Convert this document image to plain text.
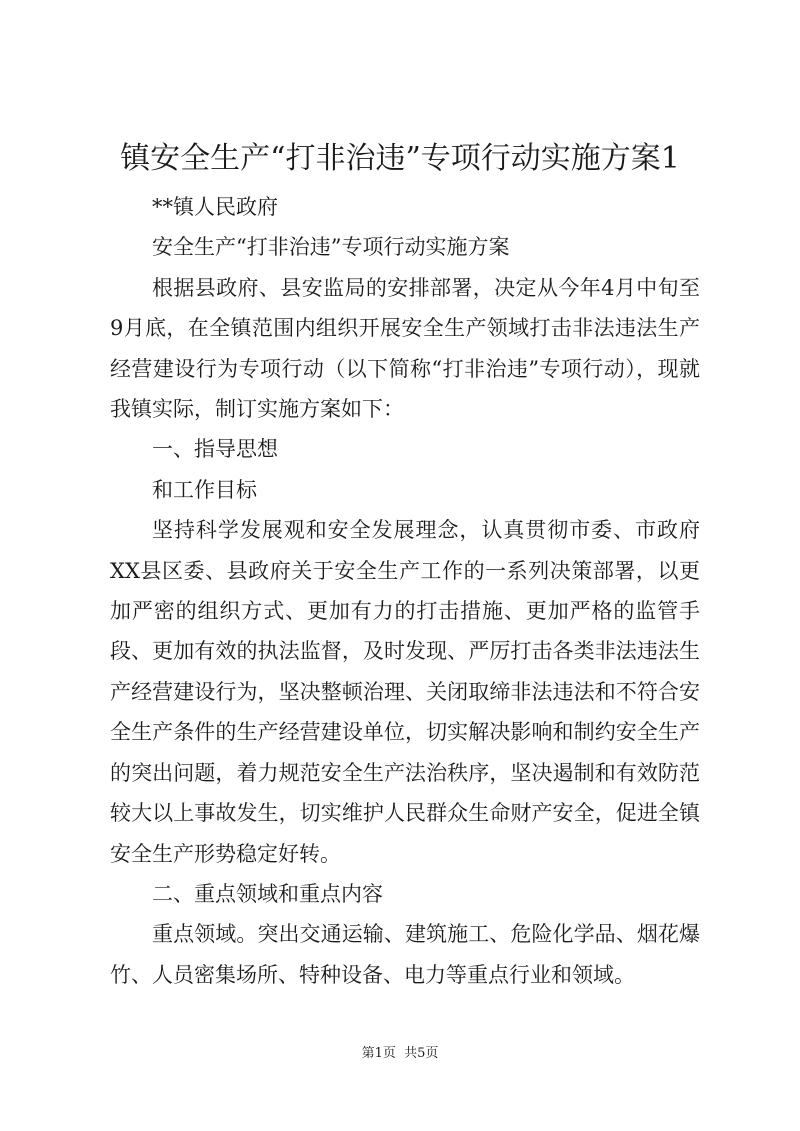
镇安全生产“打非治违”专项行动实施方案1

**镇人民政府

安全生产“打非治违”专项行动实施方案

根据县政府、县安监局的安排部署，决定从今年4月中旬至9月底，在全镇范围内组织开展安全生产领域打击非法违法生产经营建设行为专项行动（以下简称“打非治违”专项行动），现就我镇实际，制订实施方案如下：

一、指导思想

和工作目标

坚持科学发展观和安全发展理念，认真贯彻市委、市政府XX县区委、县政府关于安全生产工作的一系列决策部署，以更加严密的组织方式、更加有力的打击措施、更加严格的监管手段、更加有效的执法监督，及时发现、严厉打击各类非法违法生产经营建设行为，坚决整顿治理、关闭取缔非法违法和不符合安全生产条件的生产经营建设单位，切实解决影响和制约安全生产的突出问题，着力规范安全生产法治秩序，坚决遏制和有效防范较大以上事故发生，切实维护人民群众生命财产安全，促进全镇安全生产形势稳定好转。

二、重点领域和重点内容

重点领域。突出交通运输、建筑施工、危险化学品、烟花爆竹、人员密集场所、特种设备、电力等重点行业和领域。

第1页  共5页
